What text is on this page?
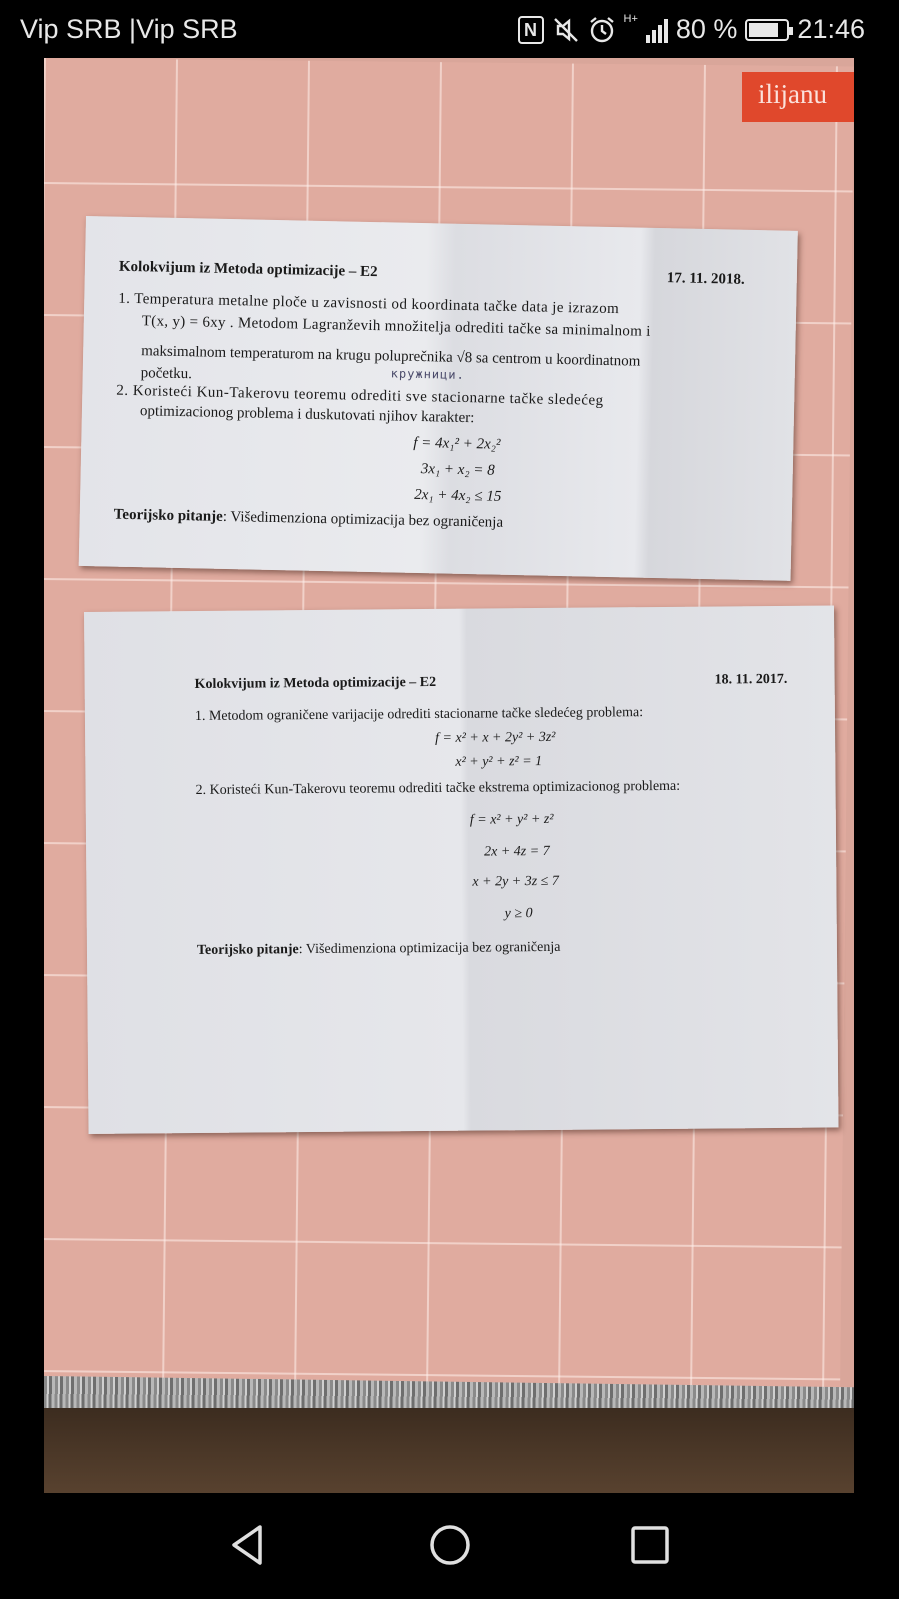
Vip SRB |Vip SRB	N
H+ 80 % 21:46
ilijanu
Kolokvijum iz Metoda optimizacije – E2	17. 11. 2018.
1. Temperatura metalne ploče u zavisnosti od koordinata tačke data je izrazom
T(x, y) = 6xy . Metodom Lagranževih množitelja odrediti tačke sa minimalnom i
maksimalnom temperaturom na krugu poluprečnika √8 sa centrom u koordinatnom
početku.	кружници.
2. Koristeći Kun-Takerovu teoremu odrediti sve stacionarne tačke sledećeg
optimizacionog problema i duskutovati njihov karakter:
f = 4x₁² + 2x₂²
3x₁ + x₂ = 8
2x₁ + 4x₂ ≤ 15
Teorijsko pitanje: Višedimenziona optimizacija bez ograničenja
Kolokvijum iz Metoda optimizacije – E2	18. 11. 2017.
1. Metodom ograničene varijacije odrediti stacionarne tačke sledećeg problema:
f = x² + x + 2y² + 3z²
x² + y² + z² = 1
2. Koristeći Kun-Takerovu teoremu odrediti tačke ekstrema optimizacionog problema:
f = x² + y² + z²
2x + 4z = 7
x + 2y + 3z ≤ 7
y ≥ 0
Teorijsko pitanje: Višedimenziona optimizacija bez ograničenja
